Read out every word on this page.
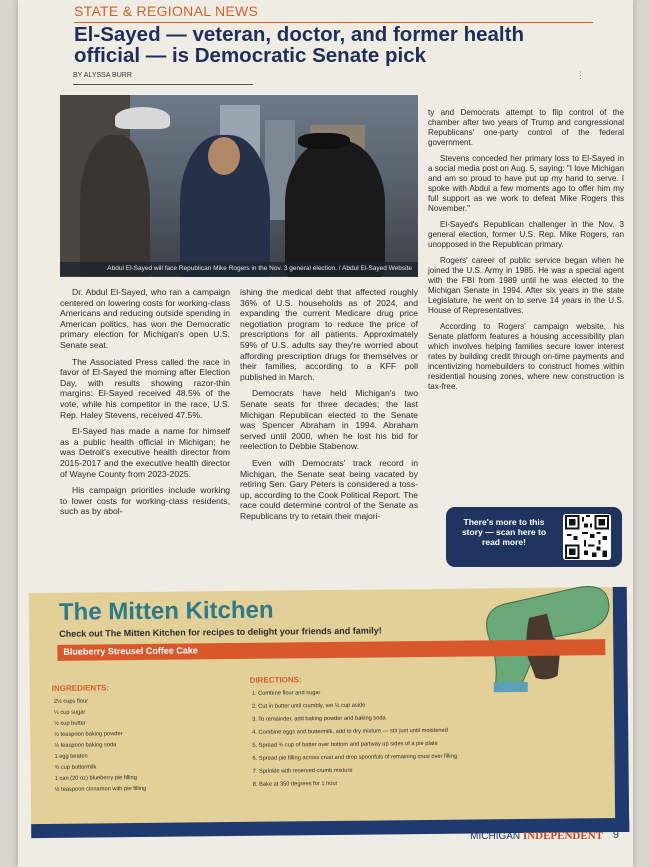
STATE & REGIONAL NEWS
El-Sayed — veteran, doctor, and former health official — is Democratic Senate pick
⋮
BY ALYSSA BURR
Abdul El-Sayed will face Republican Mike Rogers in the Nov. 3 general election. / Abdul El-Sayed Website

Dr. Abdul El-Sayed, who ran a campaign centered on lowering costs for working-class Americans and reducing outside spending in American politics, has won the Democratic primary election for Michigan's open U.S. Senate seat.

The Associated Press called the race in favor of El-Sayed the morning after Election Day, with results showing razor-thin margins: El-Sayed received 48.5% of the vote, while his competitor in the race, U.S. Rep. Haley Stevens, received 47.5%.

El-Sayed has made a name for himself as a public health official in Michigan; he was Detroit's executive health director from 2015-2017 and the executive health director of Wayne County from 2023-2025.

His campaign priorities include working to lower costs for working-class residents, such as by abol-

ishing the medical debt that affected roughly 36% of U.S. households as of 2024, and expanding the current Medicare drug price negotiation program to reduce the price of prescriptions for all patients. Approximately 59% of U.S. adults say they're worried about affording prescription drugs for themselves or their families, according to a KFF poll published in March.

Democrats have held Michigan's two Senate seats for three decades; the last Michigan Republican elected to the Senate was Spencer Abraham in 1994. Abraham served until 2000, when he lost his bid for reelection to Debbie Stabenow.

Even with Democrats' track record in Michigan, the Senate seat being vacated by retiring Sen. Gary Peters is considered a toss-up, according to the Cook Political Report. The race could determine control of the Senate as Republicans try to retain their majori-

ty and Democrats attempt to flip control of the chamber after two years of Trump and congressional Republicans' one-party control of the federal government.

Stevens conceded her primary loss to El-Sayed in a social media post on Aug. 5, saying: "I love Michigan and am so proud to have put up my hand to serve. I spoke with Abdul a few moments ago to offer him my full support as we work to defeat Mike Rogers this November."

El-Sayed's Republican challenger in the Nov. 3 general election, former U.S. Rep. Mike Rogers, ran unopposed in the Republican primary.

Rogers' career of public service began when he joined the U.S. Army in 1985. He was a special agent with the FBI from 1989 until he was elected to the Michigan Senate in 1994. After six years in the state Legislature, he went on to serve 14 years in the U.S. House of Representatives.

According to Rogers' campaign website, his Senate platform features a housing accessibility plan which involves helping families secure lower interest rates by building credit through on-time payments and incentivizing homebuilders to construct homes within residential housing zones, where new construction is tax-free.

There's more to this story — scan here to read more!
The Mitten Kitchen
Check out The Mitten Kitchen for recipes to delight your friends and family!
Blueberry Streusel Coffee Cake
INGREDIENTS:
DIRECTIONS:
2½ cups flour
¼ cup sugar
½ cup butter
½ teaspoon baking powder
½ teaspoon baking soda
1 egg beaten
¾ cup buttermilk
1 can (20 oz) blueberry pie filling
½ teaspoon cinnamon with pie filling
1. Combine flour and sugar
2. Cut in butter until crumbly, set ½ cup aside
3. To remainder, add baking powder and baking soda
4. Combine eggs and buttermilk, add to dry mixture — stir just until moistened
5. Spread ¾ cup of batter over bottom and partway up sides of a pie plate
6. Spread pie filling across crust and drop spoonfuls of remaining crust over filling
7. Sprinkle with reserved crumb mixture
8. Bake at 350 degrees for 1 hour
MICHIGAN INDEPENDENT 9
